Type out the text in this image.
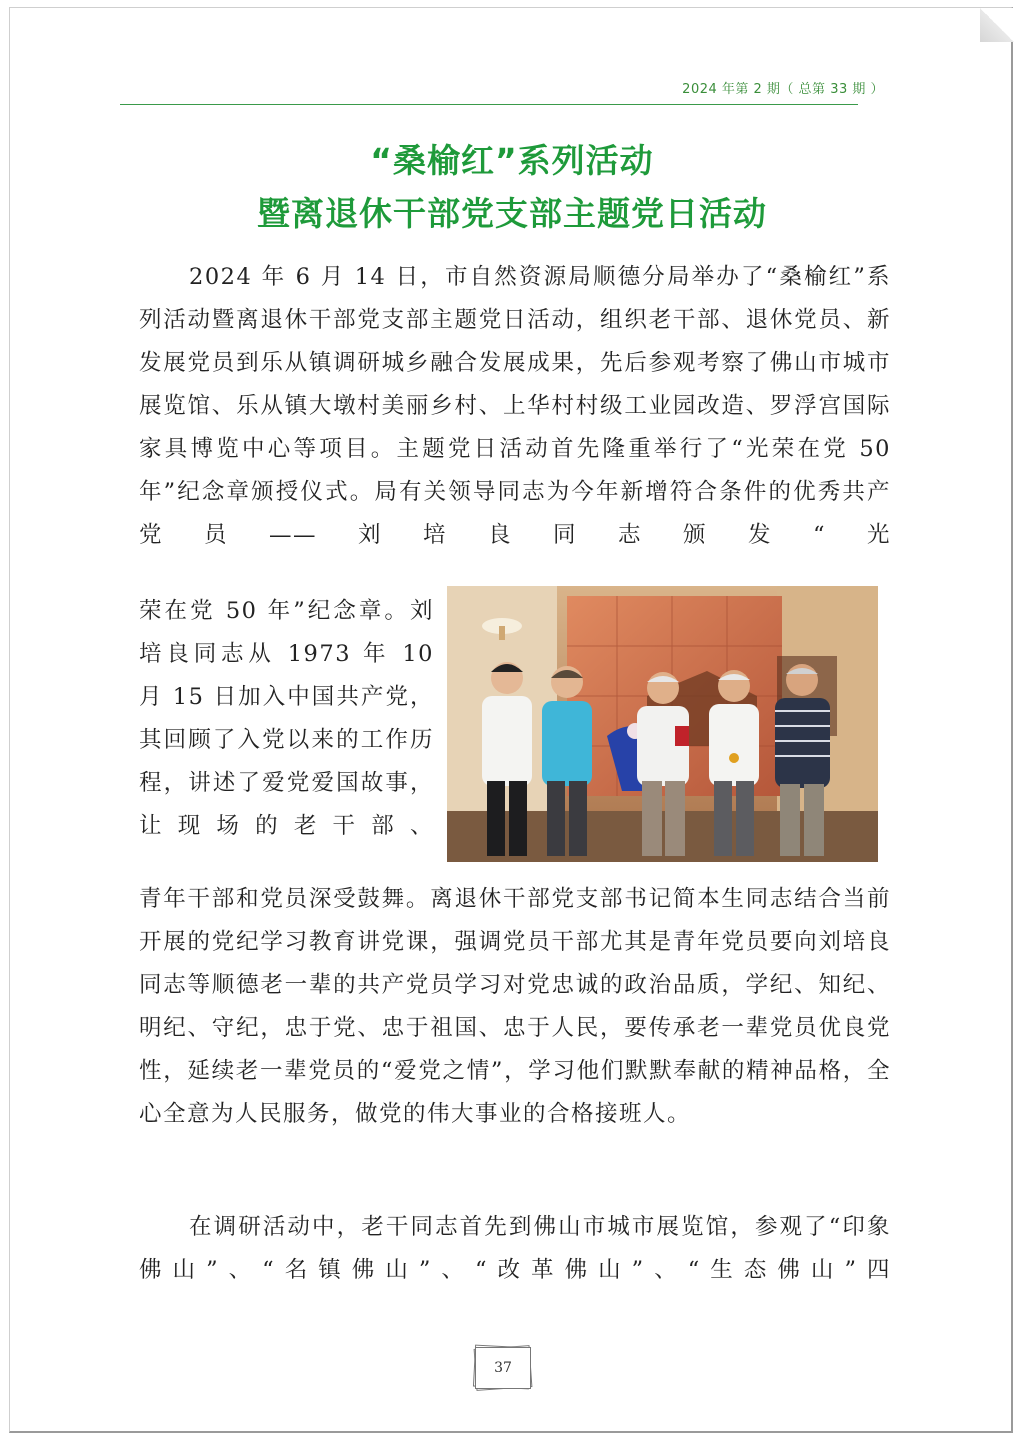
2024 年第 2 期（ 总第 33 期 ）
“桑榆红”系列活动
暨离退休干部党支部主题党日活动

2024 年 6 月 14 日，市自然资源局顺德分局举办了“桑榆红”系列活动暨离退休干部党支部主题党日活动，组织老干部、退休党员、新发展党员到乐从镇调研城乡融合发展成果，先后参观考察了佛山市城市展览馆、乐从镇大墩村美丽乡村、上华村村级工业园改造、罗浮宫国际家具博览中心等项目。主题党日活动首先隆重举行了“光荣在党 50 年”纪念章颁授仪式。局有关领导同志为今年新增符合条件的优秀共产党员——刘培良同志颁发“光

荣在党 50 年”纪念章。刘培良同志从 1973 年 10 月 15 日加入中国共产党，其回顾了入党以来的工作历程，讲述了爱党爱国故事，让现场的老干部、

青年干部和党员深受鼓舞。离退休干部党支部书记简本生同志结合当前开展的党纪学习教育讲党课，强调党员干部尤其是青年党员要向刘培良同志等顺德老一辈的共产党员学习对党忠诚的政治品质，学纪、知纪、明纪、守纪，忠于党、忠于祖国、忠于人民，要传承老一辈党员优良党性，延续老一辈党员的“爱党之情”，学习他们默默奉献的精神品格，全心全意为人民服务，做党的伟大事业的合格接班人。

在调研活动中，老干同志首先到佛山市城市展览馆，参观了“印象佛山”、“名镇佛山”、“改革佛山”、“生态佛山”四

37
